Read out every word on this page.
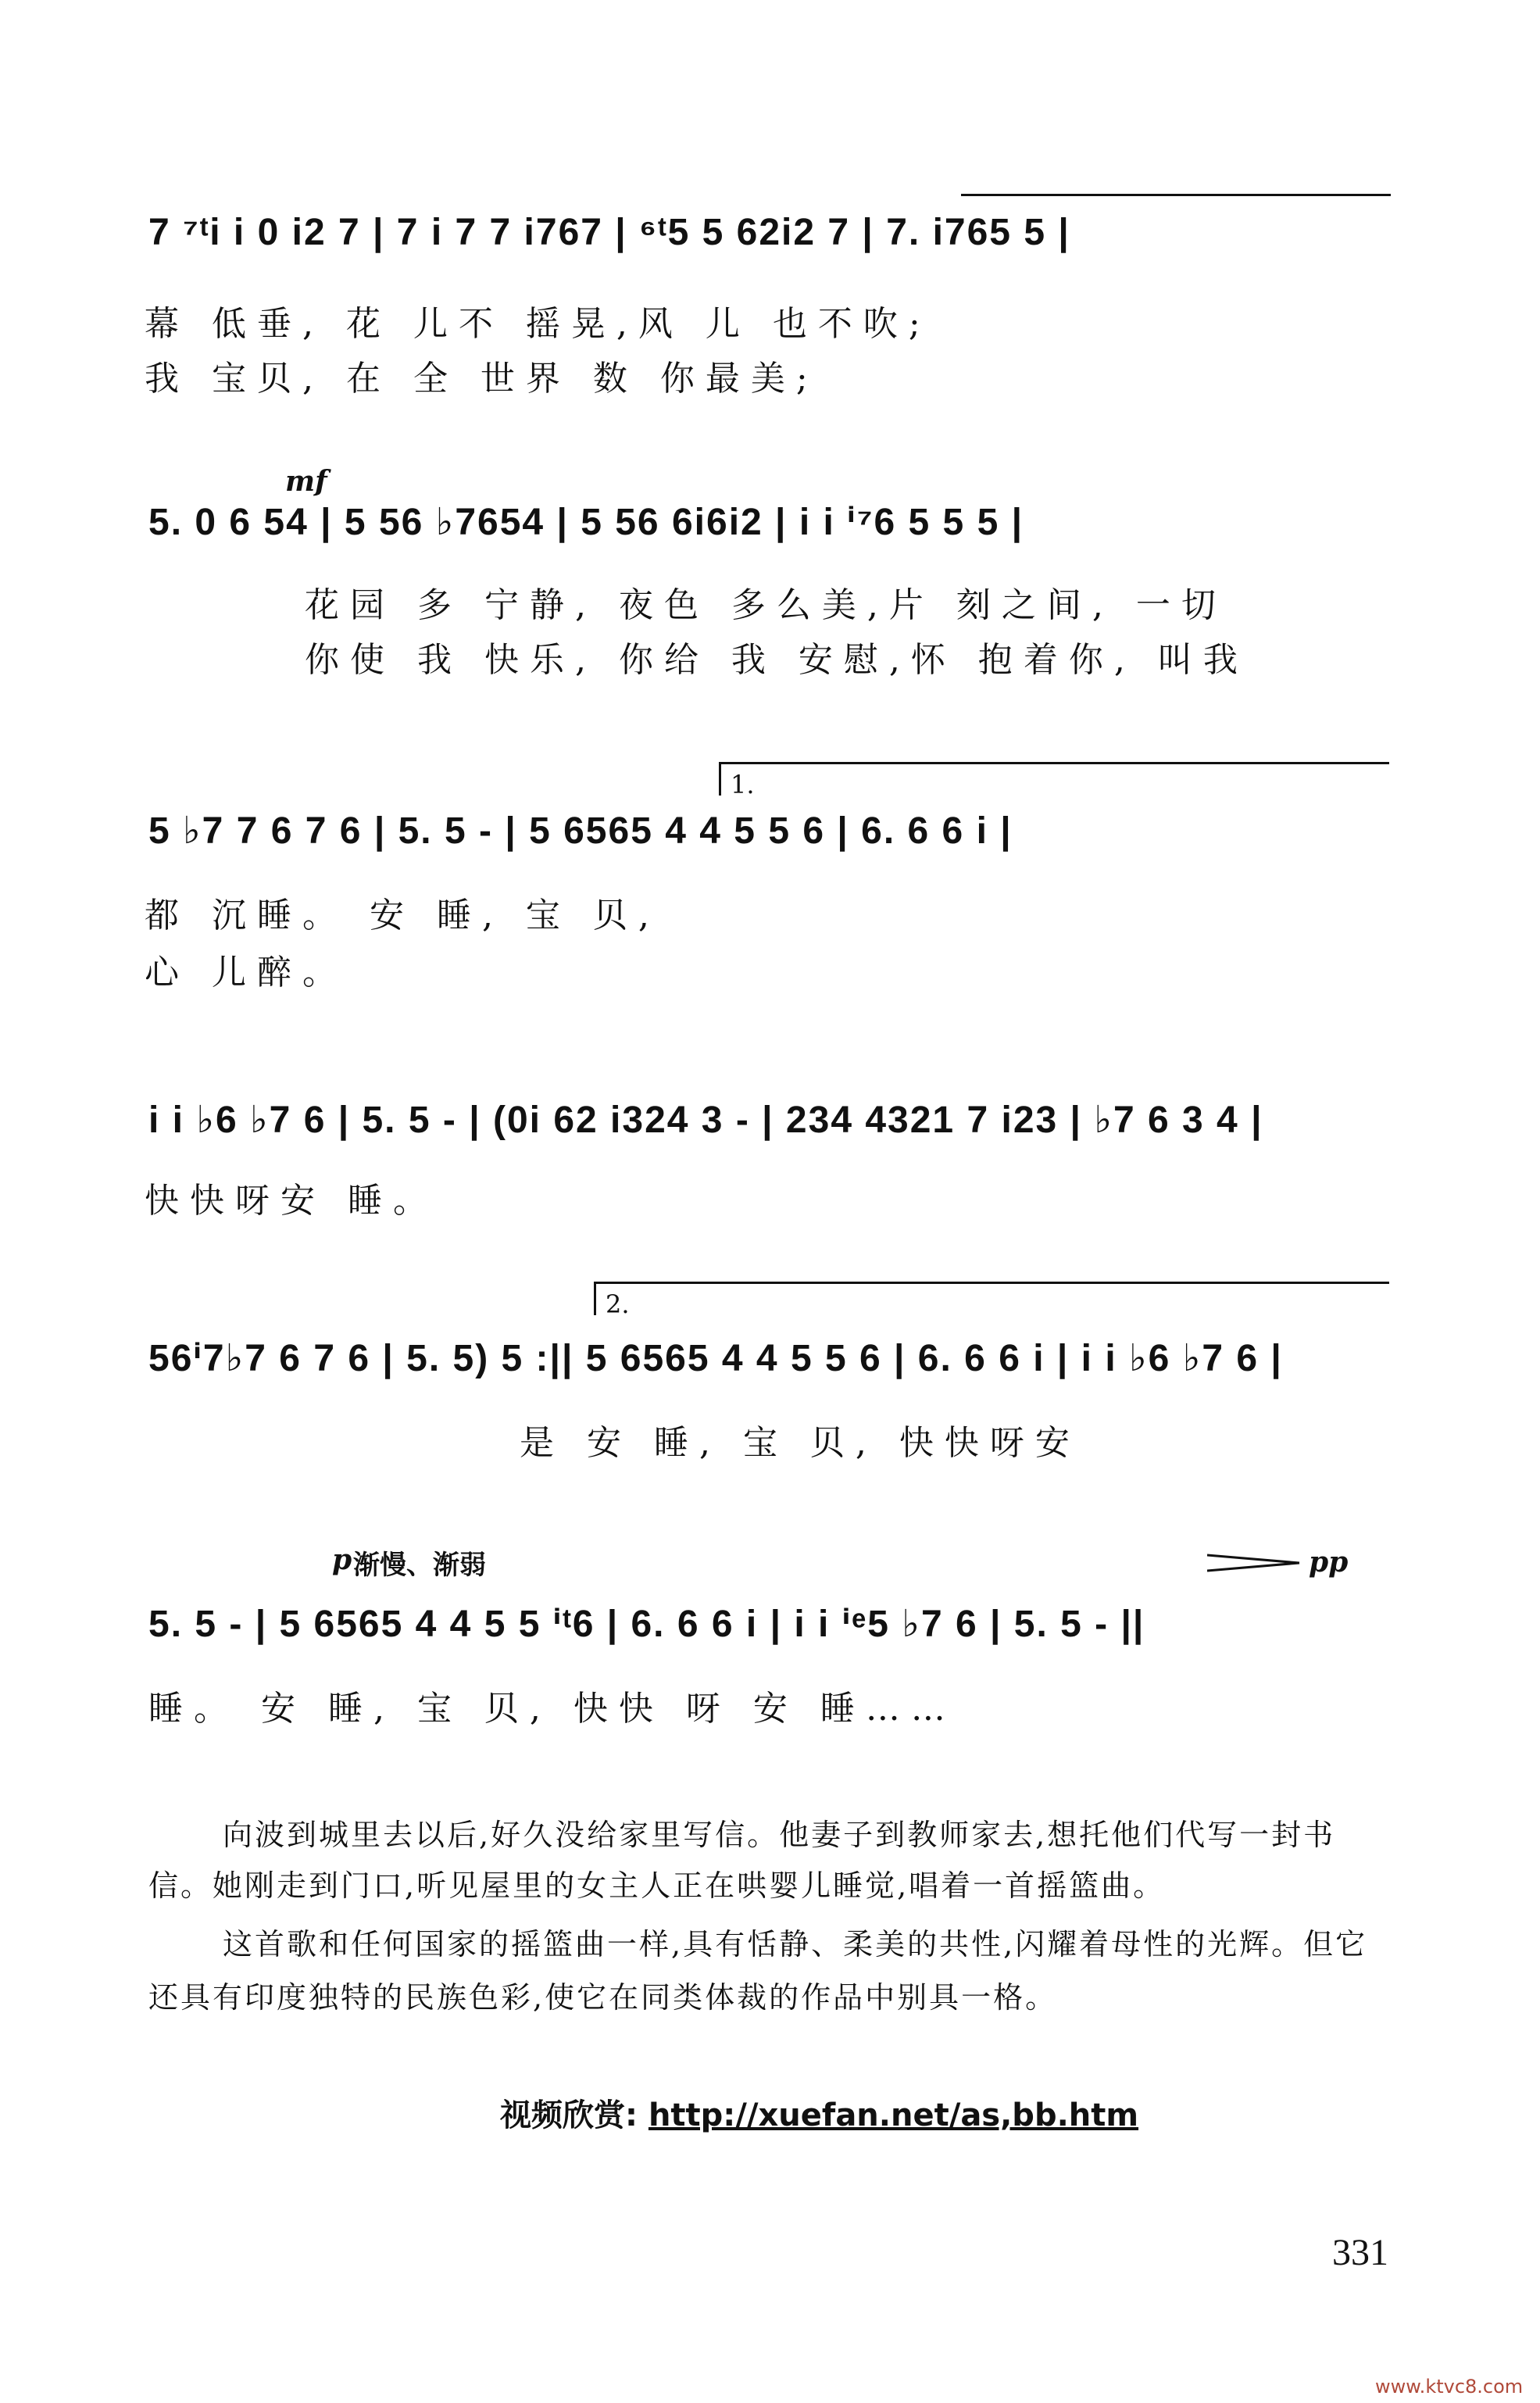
7 ⁷ᵗi i 0 i2 7 | 7 i 7 7 i767 | ⁶ᵗ5 5 62i2 7 | 7. i765 5 |
幕 低垂, 花 儿不 摇晃,风 儿 也不吹;
我 宝贝, 在 全 世界 数 你最美;
mf
5. 0 6 54 | 5 56 ♭7654 | 5 56 6i6i2 | i i ⁱ⁷6 5 5 5 |
花园 多 宁静, 夜色 多么美,片 刻之间, 一切
你使 我 快乐, 你给 我 安慰,怀 抱着你, 叫我
1.
5 ♭7 7 6 7 6 | 5. 5 - | 5 6565 4 4 5 5 6 | 6. 6 6 i |
都 沉睡。 安 睡, 宝 贝,
心 儿醉。
i i ♭6 ♭7 6 | 5. 5 - | (0i 62 i324 3 - | 234 4321 7 i23 | ♭7 6 3 4 |
快快呀安 睡。
2.
56ⁱ7♭7 6 7 6 | 5. 5) 5 :|| 5 6565 4 4 5 5 6 | 6. 6 6 i | i i ♭6 ♭7 6 |
是 安 睡, 宝 贝, 快快呀安
p 渐慢、渐弱	pp
5. 5 - | 5 6565 4 4 5 5 ⁱᵗ6 | 6. 6 6 i | i i ⁱᵉ5 ♭7 6 | 5. 5 - ||
睡。 安 睡, 宝 贝, 快快 呀 安 睡……
向波到城里去以后,好久没给家里写信。他妻子到教师家去,想托他们代写一封书
信。她刚走到门口,听见屋里的女主人正在哄婴儿睡觉,唱着一首摇篮曲。
这首歌和任何国家的摇篮曲一样,具有恬静、柔美的共性,闪耀着母性的光辉。但它
还具有印度独特的民族色彩,使它在同类体裁的作品中别具一格。
视频欣赏: http://xuefan.net/as,bb.htm
331
www.ktvc8.com
